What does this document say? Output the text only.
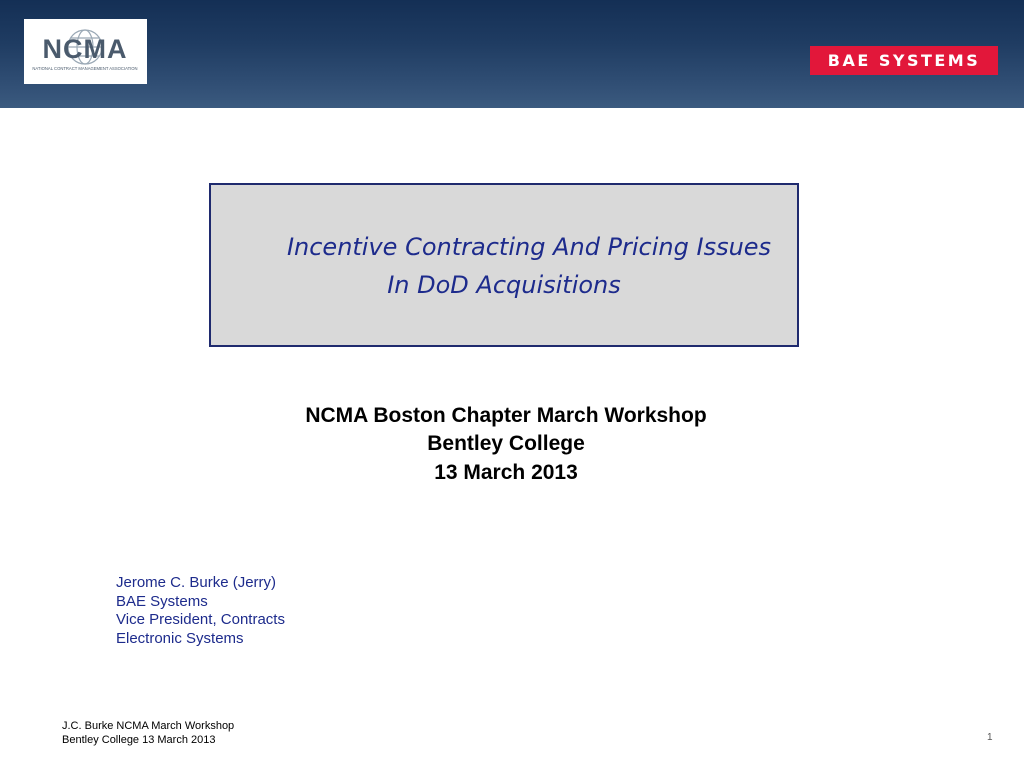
NCMA
NATIONAL CONTRACT MANAGEMENT ASSOCIATION	BAE SYSTEMS
Incentive Contracting And Pricing Issues
In DoD Acquisitions
NCMA Boston Chapter March Workshop
Bentley College
13 March 2013
Jerome C. Burke (Jerry)
BAE Systems
Vice President, Contracts
Electronic Systems
J.C. Burke NCMA March Workshop
Bentley College 13 March 2013	1
